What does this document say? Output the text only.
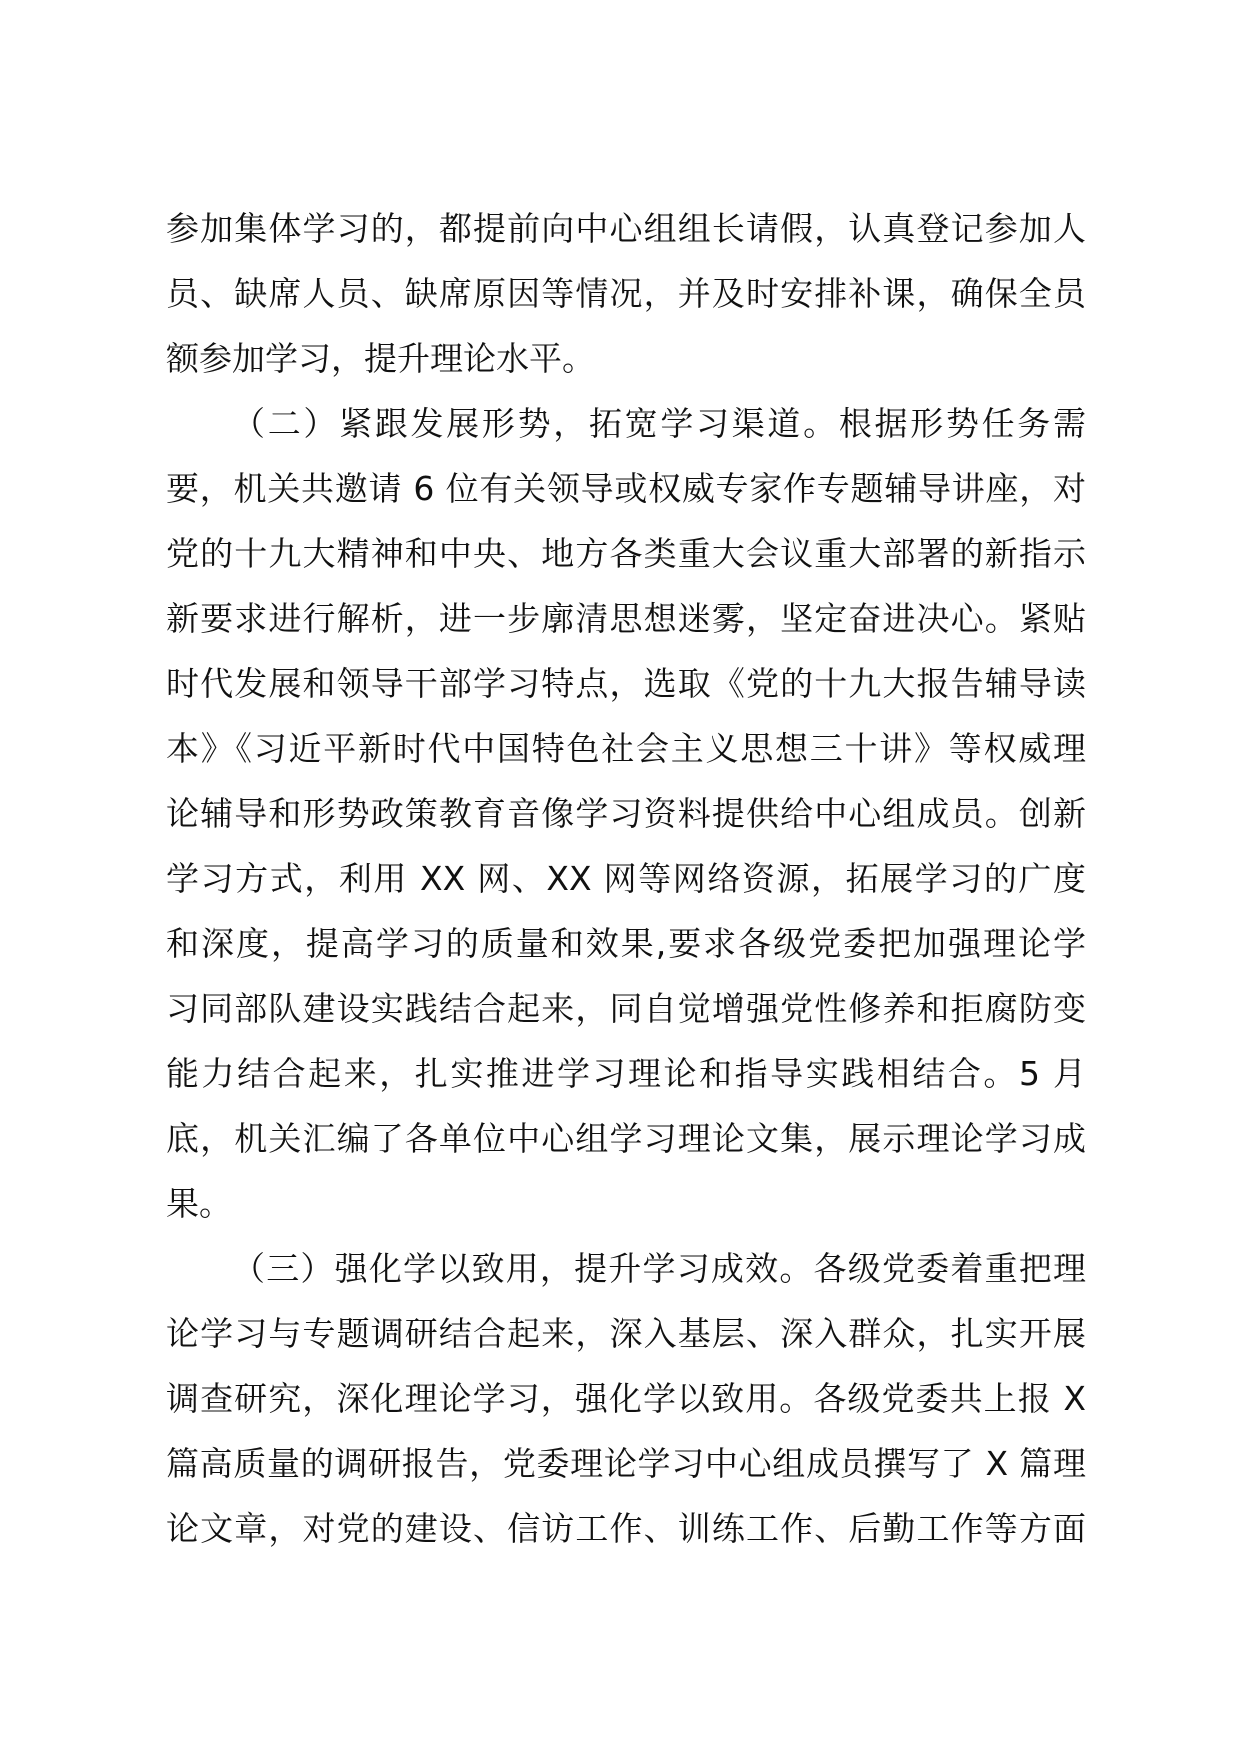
参加集体学习的，都提前向中心组组长请假，认真登记参加人
员、缺席人员、缺席原因等情况，并及时安排补课，确保全员
额参加学习，提升理论水平。

（二）紧跟发展形势，拓宽学习渠道。根据形势任务需
要，机关共邀请 6 位有关领导或权威专家作专题辅导讲座，对
党的十九大精神和中央、地方各类重大会议重大部署的新指示
新要求进行解析，进一步廓清思想迷雾，坚定奋进决心。紧贴
时代发展和领导干部学习特点，选取《党的十九大报告辅导读
本》《习近平新时代中国特色社会主义思想三十讲》等权威理
论辅导和形势政策教育音像学习资料提供给中心组成员。创新
学习方式，利用 XX 网、XX 网等网络资源，拓展学习的广度
和深度，提高学习的质量和效果,要求各级党委把加强理论学
习同部队建设实践结合起来，同自觉增强党性修养和拒腐防变
能力结合起来，扎实推进学习理论和指导实践相结合。5 月
底，机关汇编了各单位中心组学习理论文集，展示理论学习成
果。

（三）强化学以致用，提升学习成效。各级党委着重把理
论学习与专题调研结合起来，深入基层、深入群众，扎实开展
调查研究，深化理论学习，强化学以致用。各级党委共上报 X
篇高质量的调研报告，党委理论学习中心组成员撰写了 X 篇理
论文章，对党的建设、信访工作、训练工作、后勤工作等方面
